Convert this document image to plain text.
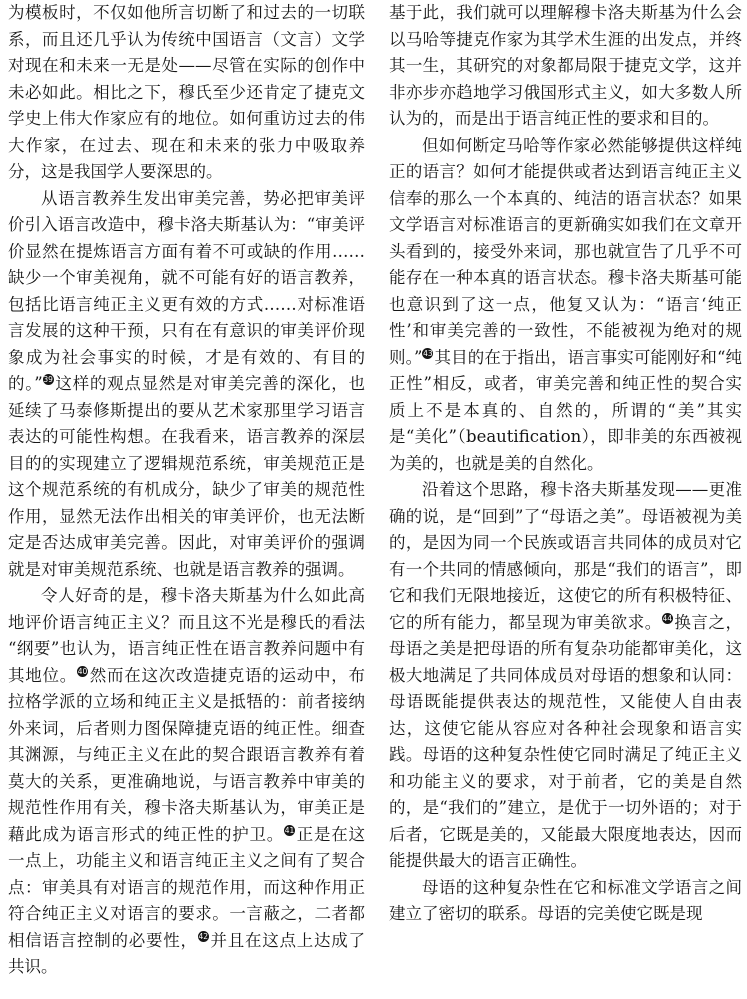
为模板时，不仅如他所言切断了和过去的一切联系，而且还几乎认为传统中国语言（文言）文学对现在和未来一无是处——尽管在实际的创作中未必如此。相比之下，穆氏至少还肯定了捷克文学史上伟大作家应有的地位。如何重访过去的伟大作家，在过去、现在和未来的张力中吸取养分，这是我国学人要深思的。

从语言教养生发出审美完善，势必把审美评价引入语言改造中，穆卡洛夫斯基认为：“审美评价显然在提炼语言方面有着不可或缺的作用……缺少一个审美视角，就不可能有好的语言教养，包括比语言纯正主义更有效的方式……对标准语言发展的这种干预，只有在有意识的审美评价现象成为社会事实的时候，才是有效的、有目的的。”39 这样的观点显然是对审美完善的深化，也延续了马泰修斯提出的要从艺术家那里学习语言表达的可能性构想。在我看来，语言教养的深层目的的实现建立了逻辑规范系统，审美规范正是这个规范系统的有机成分，缺少了审美的规范性作用，显然无法作出相关的审美评价，也无法断定是否达成审美完善。因此，对审美评价的强调就是对审美规范系统、也就是语言教养的强调。

令人好奇的是，穆卡洛夫斯基为什么如此高地评价语言纯正主义？而且这不光是穆氏的看法 “纲要”也认为，语言纯正性在语言教养问题中有其地位。40 然而在这次改造捷克语的运动中，布拉格学派的立场和纯正主义是抵牾的：前者接纳外来词，后者则力图保障捷克语的纯正性。细查其渊源，与纯正主义在此的契合跟语言教养有着莫大的关系，更准确地说，与语言教养中审美的规范性作用有关，穆卡洛夫斯基认为，审美正是藉此成为语言形式的纯正性的护卫。41 正是在这一点上，功能主义和语言纯正主义之间有了契合点：审美具有对语言的规范作用，而这种作用正符合纯正主义对语言的要求。一言蔽之，二者都相信语言控制的必要性，42 并且在这点上达成了共识。

基于此，我们就可以理解穆卡洛夫斯基为什么会以马哈等捷克作家为其学术生涯的出发点，并终其一生，其研究的对象都局限于捷克文学，这并非亦步亦趋地学习俄国形式主义，如大多数人所认为的，而是出于语言纯正性的要求和目的。

但如何断定马哈等作家必然能够提供这样纯正的语言？如何才能提供或者达到语言纯正主义信奉的那么一个本真的、纯洁的语言状态？如果文学语言对标准语言的更新确实如我们在文章开头看到的，接受外来词，那也就宣告了几乎不可能存在一种本真的语言状态。穆卡洛夫斯基可能也意识到了这一点，他复又认为：“语言‘纯正性’和审美完善的一致性，不能被视为绝对的规则。”43 其目的在于指出，语言事实可能刚好和“纯正性”相反，或者，审美完善和纯正性的契合实质上不是本真的、自然的，所谓的“美”其实是“美化”（beautification），即非美的东西被视为美的，也就是美的自然化。

沿着这个思路，穆卡洛夫斯基发现——更准确的说，是“回到”了“母语之美”。母语被视为美的，是因为同一个民族或语言共同体的成员对它有一个共同的情感倾向，那是“我们的语言”，即它和我们无限地接近，这使它的所有积极特征、它的所有能力，都呈现为审美欲求。44 换言之，母语之美是把母语的所有复杂功能都审美化，这极大地满足了共同体成员对母语的想象和认同：母语既能提供表达的规范性，又能使人自由表达，这使它能从容应对各种社会现象和语言实践。母语的这种复杂性使它同时满足了纯正主义和功能主义的要求，对于前者，它的美是自然的，是“我们的”建立，是优于一切外语的；对于后者，它既是美的，又能最大限度地表达，因而能提供最大的语言正确性。

母语的这种复杂性在它和标准文学语言之间建立了密切的联系。母语的完美使它既是现
